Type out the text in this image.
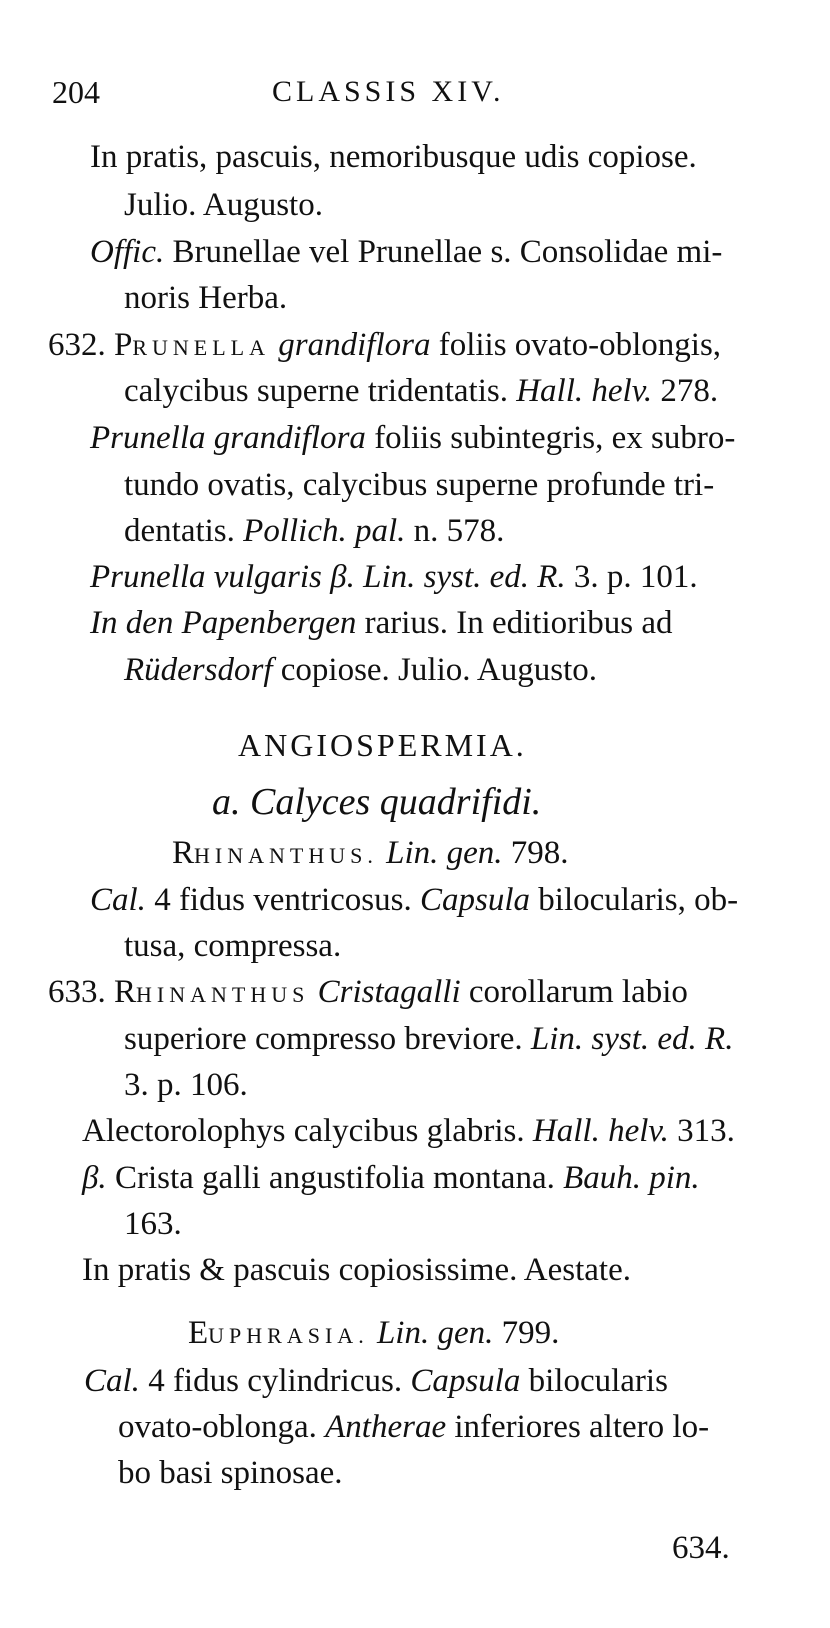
204	CLASSIS XIV.
In pratis, pascuis, nemoribusque udis copiose.
Julio. Augusto.
Offic. Brunellae vel Prunellae s. Consolidae mi-
noris Herba.
632. PRUNELLA grandiflora foliis ovato-oblongis,
calycibus superne tridentatis. Hall. helv. 278.
Prunella grandiflora foliis subintegris, ex subro-
tundo ovatis, calycibus superne profunde tri-
dentatis. Pollich. pal. n. 578.
Prunella vulgaris β. Lin. syst. ed. R. 3. p. 101.
In den Papenbergen rarius. In editioribus ad
Rüdersdorf copiose. Julio. Augusto.
ANGIOSPERMIA.
a. Calyces quadrifidi.
RHINANTHUS. Lin. gen. 798.
Cal. 4 fidus ventricosus. Capsula bilocularis, ob-
tusa, compressa.
633. RHINANTHUS Cristagalli corollarum labio
superiore compresso breviore. Lin. syst. ed. R.
3. p. 106.
Alectorolophys calycibus glabris. Hall. helv. 313.
β. Crista galli angustifolia montana. Bauh. pin.
163.
In pratis & pascuis copiosissime. Aestate.
EUPHRASIA. Lin. gen. 799.
Cal. 4 fidus cylindricus. Capsula bilocularis
ovato-oblonga. Antherae inferiores altero lo-
bo basi spinosae.
634.
